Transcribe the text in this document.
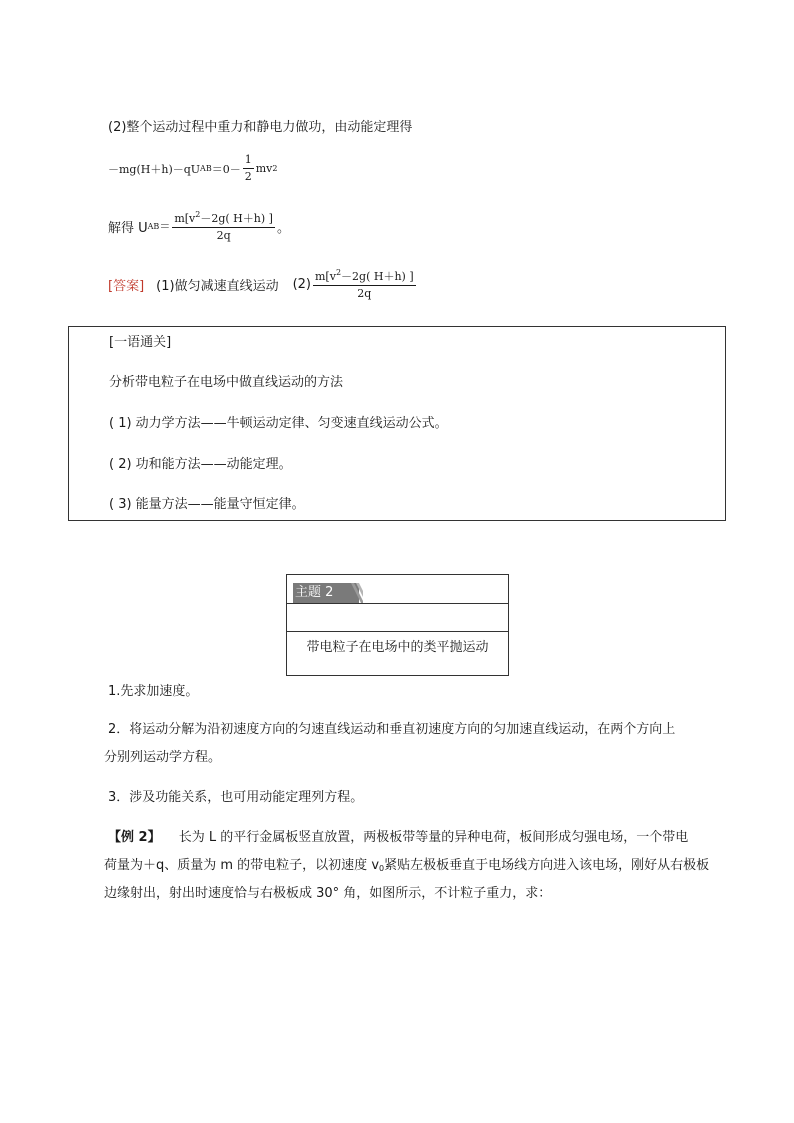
(2)整个运动过程中重力和静电力做功，由动能定理得
－mg(H＋h)－qU AB $=0- \frac{1}{2}$ mv 2
解得 U AB ＝ $\frac{m[v^2-2g( H+h) ]}{2q}$ 。
[答案] (1)做匀减速直线运动 $(2) \frac{m[v^2-2g( H+h) ]}{2q}$
[一语通关]
分析带电粒子在电场中做直线运动的方法
( 1) 动力学方法——牛顿运动定律、匀变速直线运动公式。
( 2) 功和能方法——动能定理。
( 3) 能量方法——能量守恒定律。
主题 2
带电粒子在电场中的类平抛运动
1.先求加速度。
2．将运动分解为沿初速度方向的匀速直线运动和垂直初速度方向的匀加速直线运动，在两个方向上
分别列运动学方程。
3．涉及功能关系，也可用动能定理列方程。
【例 2】 长为 L 的平行金属板竖直放置，两极板带等量的异种电荷，板间形成匀强电场，一个带电
荷量为＋q、质量为 m 的带电粒子，以初速度 $v_0$紧贴左极板垂直于电场线方向进入该电场，刚好从右极板
边缘射出，射出时速度恰与右极板成 30° 角，如图所示，不计粒子重力，求：
